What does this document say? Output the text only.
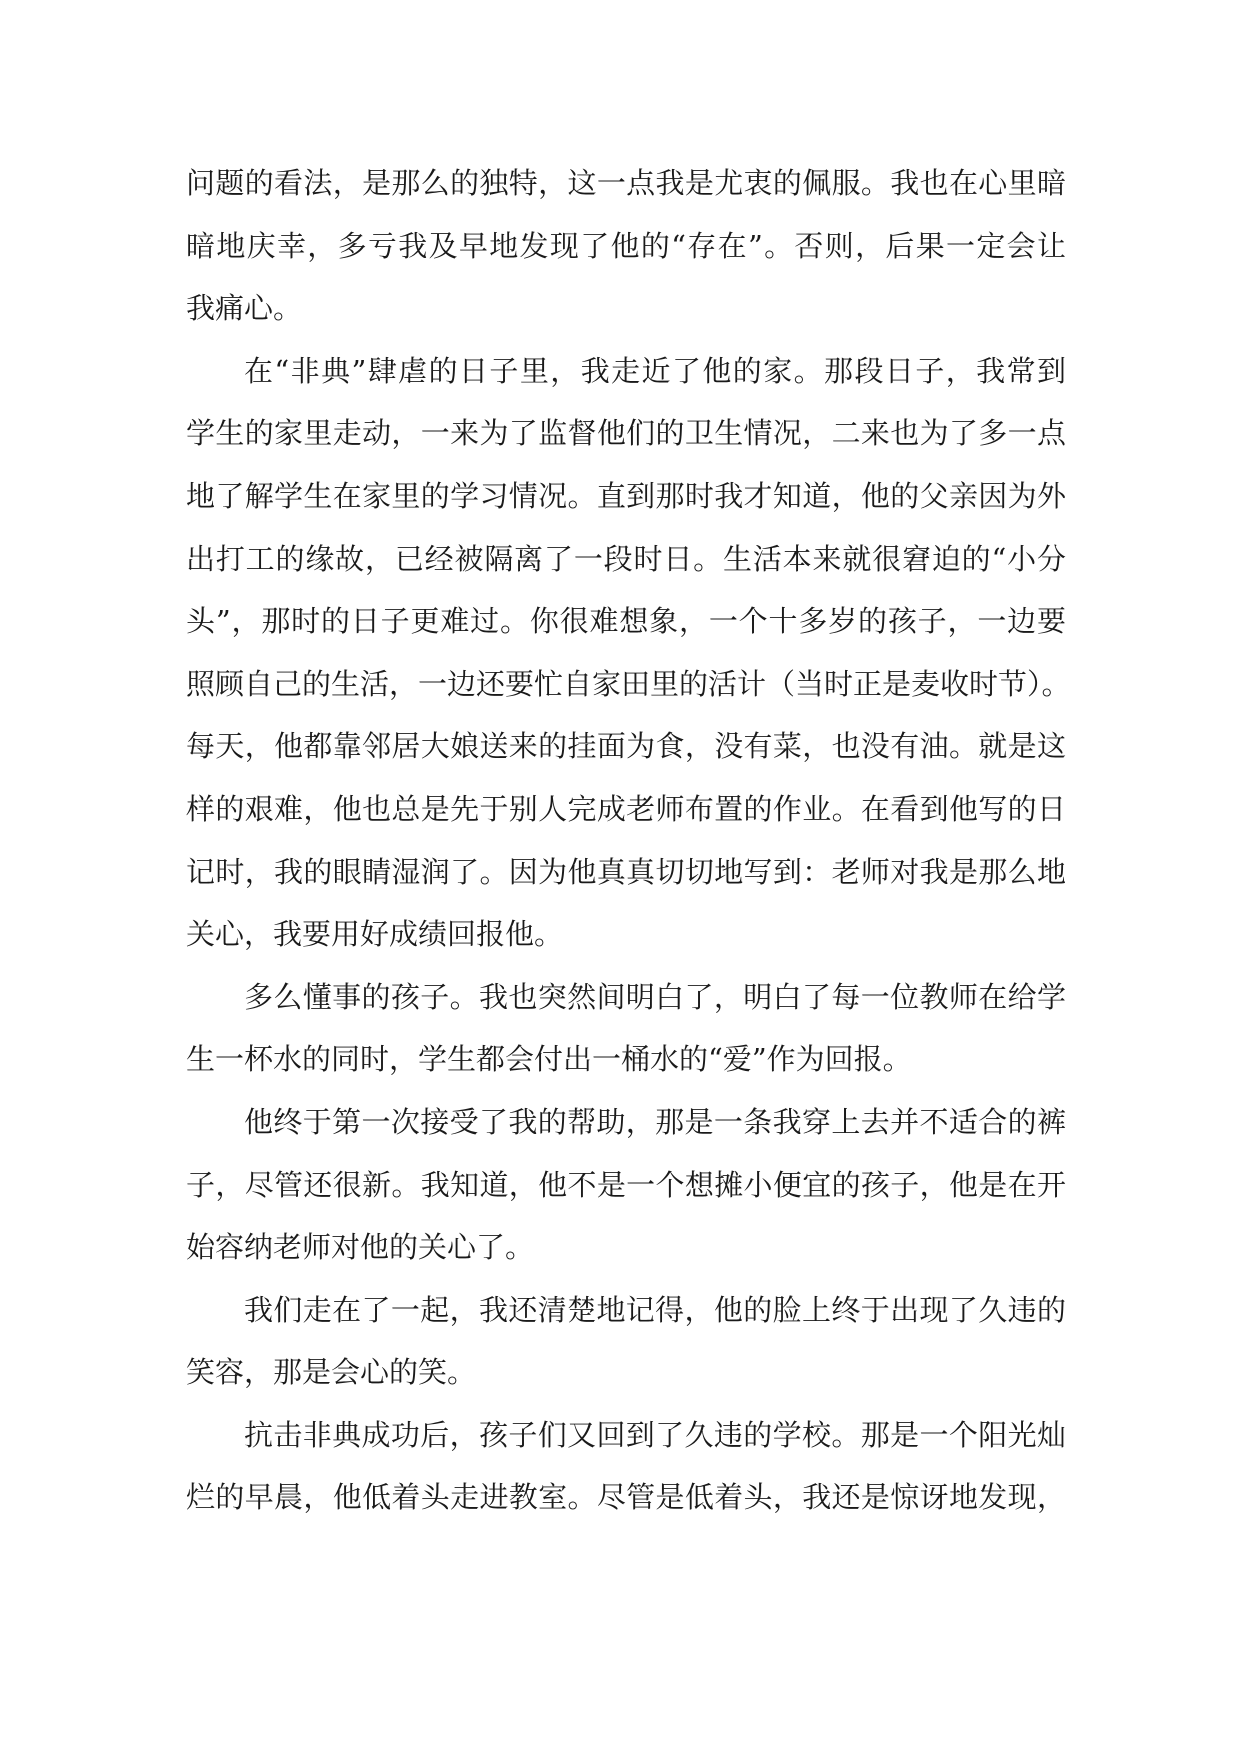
问题的看法，是那么的独特，这一点我是尤衷的佩服。我也在心里暗
暗地庆幸，多亏我及早地发现了他的“存在”。否则，后果一定会让
我痛心。
在“非典”肆虐的日子里，我走近了他的家。那段日子，我常到
学生的家里走动，一来为了监督他们的卫生情况，二来也为了多一点
地了解学生在家里的学习情况。直到那时我才知道，他的父亲因为外
出打工的缘故，已经被隔离了一段时日。生活本来就很窘迫的“小分
头”，那时的日子更难过。你很难想象，一个十多岁的孩子，一边要
照顾自己的生活，一边还要忙自家田里的活计（当时正是麦收时节）。
每天，他都靠邻居大娘送来的挂面为食，没有菜，也没有油。就是这
样的艰难，他也总是先于别人完成老师布置的作业。在看到他写的日
记时，我的眼睛湿润了。因为他真真切切地写到：老师对我是那么地
关心，我要用好成绩回报他。
多么懂事的孩子。我也突然间明白了，明白了每一位教师在给学
生一杯水的同时，学生都会付出一桶水的“爱”作为回报。
他终于第一次接受了我的帮助，那是一条我穿上去并不适合的裤
子，尽管还很新。我知道，他不是一个想摊小便宜的孩子，他是在开
始容纳老师对他的关心了。
我们走在了一起，我还清楚地记得，他的脸上终于出现了久违的
笑容，那是会心的笑。
抗击非典成功后，孩子们又回到了久违的学校。那是一个阳光灿
烂的早晨，他低着头走进教室。尽管是低着头，我还是惊讶地发现，
